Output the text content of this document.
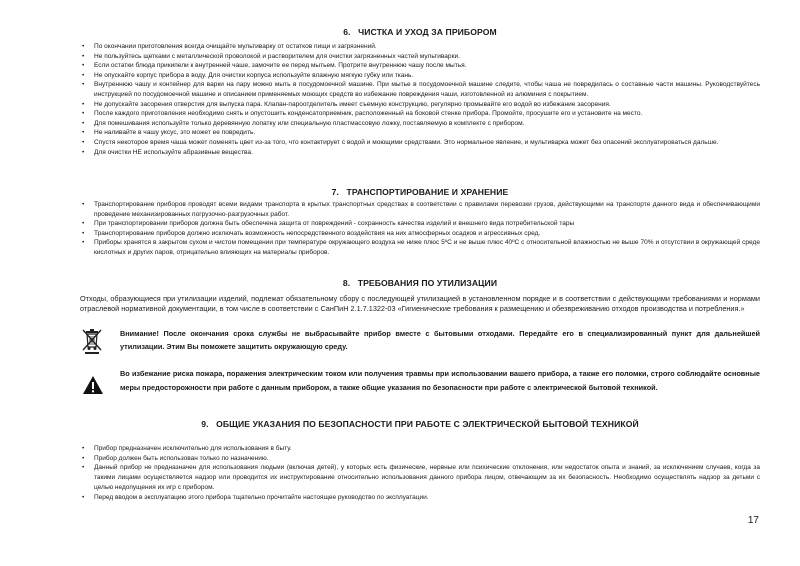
6.   ЧИСТКА И УХОД ЗА ПРИБОРОМ
• По окончании приготовления всегда очищайте мультиварку от остатков пищи и загрязнений.
• Не пользуйтесь щетками с металлической проволокой и растворителем для очистки загрязненных частей мультиварки.
• Если остатки блюда прикипели к внутренней чаше, замочите ее перед мытьем. Протрите внутреннюю чашу после мытья.
• Не опускайте корпус прибора в воду. Для очистки корпуса используйте влажную мягкую губку или ткань.
• Внутреннюю чашу и контейнер для варки на пару можно мыть в посудомоечной машине. При мытье в посудомоечной машине следите, чтобы чаша не повредилась о составные части машины. Руководствуйтесь инструкцией по посудомоечной машине и описанием применяемых моющих средств во избежание повреждения чаши, изготовленной из алюминия с покрытием.
• Не допускайте засорения отверстия для выпуска пара. Клапан-пароотделитель имеет съемную конструкцию, регулярно промывайте его водой во избежание засорения.
• После каждого приготовления необходимо снять и опустошить конденсатоприемник, расположенный на боковой стенке прибора. Промойте, просушите его и установите на место.
• Для помешивания используйте только деревянную лопатку или специальную пластмассовую ложку, поставляемую в комплекте с прибором.
• Не наливайте в чашу уксус, это может ее повредить.
• Спустя некоторое время чаша может поменять цвет из-за того, что контактирует с водой и моющими средствами. Это нормальное явление, и мультиварка может без опасений эксплуатироваться дальше.
• Для очистки НЕ используйте абразивные вещества.
7.   ТРАНСПОРТИРОВАНИЕ И ХРАНЕНИЕ
• Транспортирование приборов проводят всеми видами транспорта в крытых транспортных средствах в соответствии с правилами перевозки грузов, действующими на транспорте данного вида и обеспечивающими проведение механизированных погрузочно-разгрузочных работ.
• При транспортировании приборов должна быть обеспечена защита от повреждений - сохранность качества изделий и внешнего вида потребительской тары
• Транспортирование приборов должно исключать возможность непосредственного воздействия на них атмосферных осадков и агрессивных сред.
• Приборы хранятся в закрытом сухом и чистом помещении при температуре окружающего воздуха не ниже плюс 5ºС и не выше плюс 40ºС с относительной влажностью не выше 70% и отсутствии в окружающей среде кислотных и других паров, отрицательно влияющих на материалы приборов.
8.   ТРЕБОВАНИЯ ПО УТИЛИЗАЦИИ
Отходы, образующиеся при утилизации изделий, подлежат обязательному сбору с последующей утилизацией в установленном порядке и в соответствии с действующими требованиями и нормами отраслевой нормативной документации, в том числе в соответствии с СанПиН 2.1.7.1322-03 «Гигиенические требования к размещению и обезвреживанию отходов производства и потребления.»
Внимание! После окончания срока службы не выбрасывайте прибор вместе с бытовыми отходами. Передайте его в специализированный пункт для дальнейшей утилизации. Этим Вы поможете защитить окружающую среду.
Во избежание риска пожара, поражения электрическим током или получения травмы при использовании вашего прибора, а также его поломки, строго соблюдайте основные меры предосторожности при работе с данным прибором, а также общие указания по безопасности при работе с электрической бытовой техникой.
9.   ОБЩИЕ УКАЗАНИЯ ПО БЕЗОПАСНОСТИ ПРИ РАБОТЕ С ЭЛЕКТРИЧЕСКОЙ БЫТОВОЙ ТЕХНИКОЙ
• Прибор предназначен исключительно для использования в быту.
• Прибор должен быть использован только по назначению.
• Данный прибор не предназначен для использования людьми (включая детей), у которых есть физические, нервные или психические отклонения, или недостаток опыта и знаний, за исключением случаев, когда за такими лицами осуществляется надзор или проводится их инструктирование относительно использования данного прибора лицом, отвечающим за их безопасность. Необходимо осуществлять надзор за детьми с целью недопущения их игр с прибором.
• Перед вводом в эксплуатацию этого прибора тщательно прочитайте настоящее руководство по эксплуатации.
17
